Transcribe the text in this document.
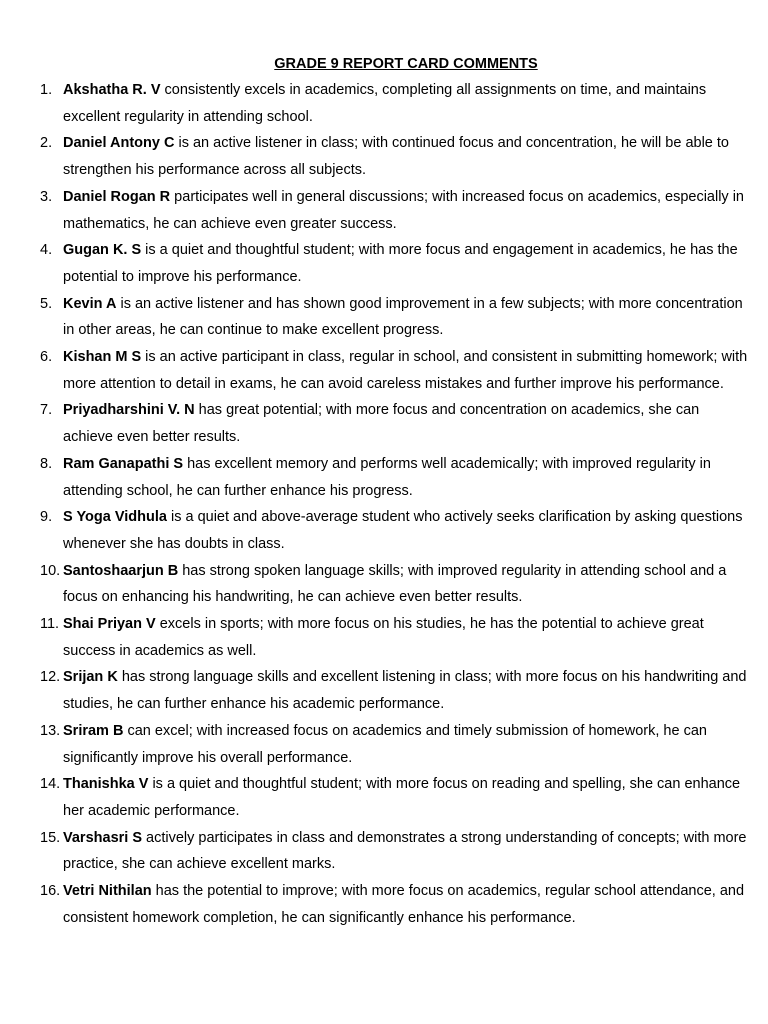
GRADE 9 REPORT CARD COMMENTS
1. Akshatha R. V consistently excels in academics, completing all assignments on time, and maintains excellent regularity in attending school.
2. Daniel Antony C is an active listener in class; with continued focus and concentration, he will be able to strengthen his performance across all subjects.
3. Daniel Rogan R participates well in general discussions; with increased focus on academics, especially in mathematics, he can achieve even greater success.
4. Gugan K. S is a quiet and thoughtful student; with more focus and engagement in academics, he has the potential to improve his performance.
5. Kevin A is an active listener and has shown good improvement in a few subjects; with more concentration in other areas, he can continue to make excellent progress.
6. Kishan M S is an active participant in class, regular in school, and consistent in submitting homework; with more attention to detail in exams, he can avoid careless mistakes and further improve his performance.
7. Priyadharshini V. N has great potential; with more focus and concentration on academics, she can achieve even better results.
8. Ram Ganapathi S has excellent memory and performs well academically; with improved regularity in attending school, he can further enhance his progress.
9. S Yoga Vidhula is a quiet and above-average student who actively seeks clarification by asking questions whenever she has doubts in class.
10. Santoshaarjun B has strong spoken language skills; with improved regularity in attending school and a focus on enhancing his handwriting, he can achieve even better results.
11. Shai Priyan V excels in sports; with more focus on his studies, he has the potential to achieve great success in academics as well.
12. Srijan K has strong language skills and excellent listening in class; with more focus on his handwriting and studies, he can further enhance his academic performance.
13. Sriram B can excel; with increased focus on academics and timely submission of homework, he can significantly improve his overall performance.
14. Thanishka V is a quiet and thoughtful student; with more focus on reading and spelling, she can enhance her academic performance.
15. Varshasri S actively participates in class and demonstrates a strong understanding of concepts; with more practice, she can achieve excellent marks.
16. Vetri Nithilan has the potential to improve; with more focus on academics, regular school attendance, and consistent homework completion, he can significantly enhance his performance.
